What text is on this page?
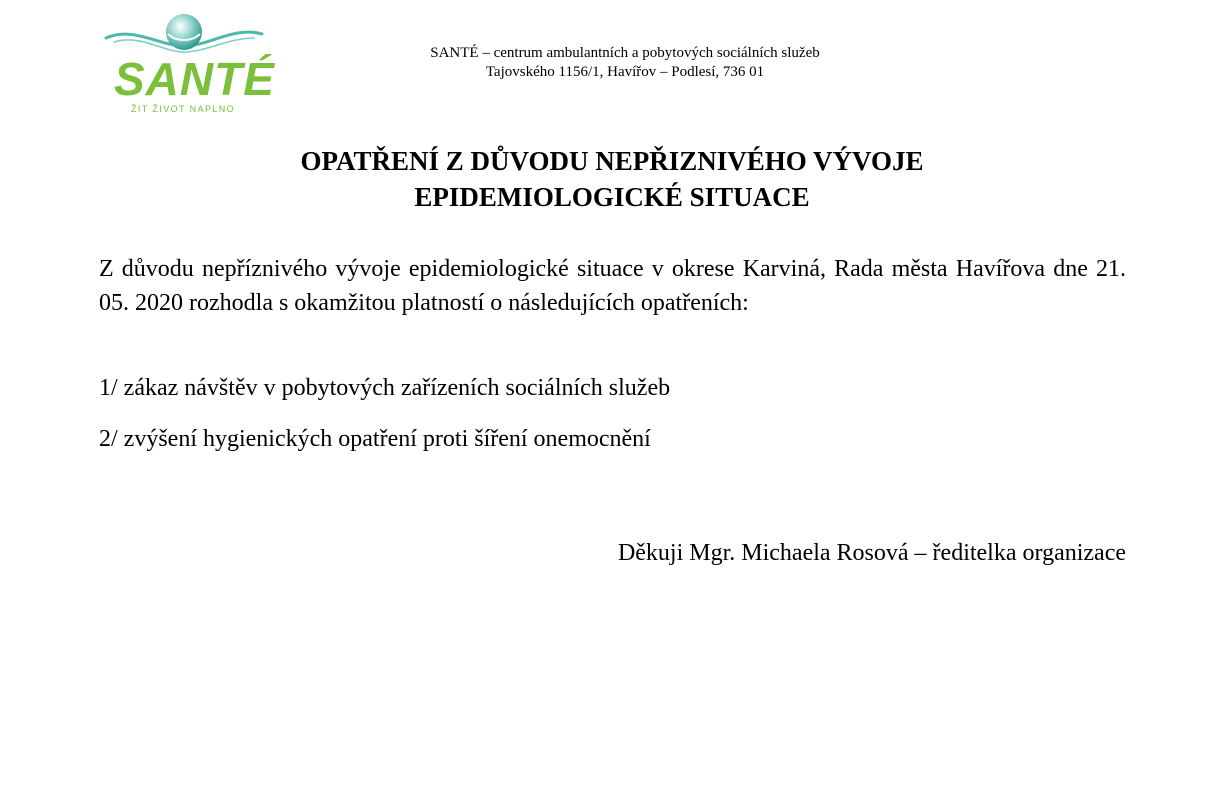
SANTÉ
ŽIT ŽIVOT NAPLNO
SANTÉ – centrum ambulantních a pobytových sociálních služeb
Tajovského 1156/1, Havířov – Podlesí, 736 01
OPATŘENÍ Z DŮVODU NEPŘIZNIVÉHO VÝVOJE
EPIDEMIOLOGICKÉ SITUACE
Z důvodu nepříznivého vývoje epidemiologické situace v okrese Karviná, Rada města Havířova dne 21. 05. 2020 rozhodla s okamžitou platností o následujících opatřeních:
1/ zákaz návštěv v pobytových zařízeních sociálních služeb
2/ zvýšení hygienických opatření proti šíření onemocnění
Děkuji Mgr. Michaela Rosová – ředitelka organizace
